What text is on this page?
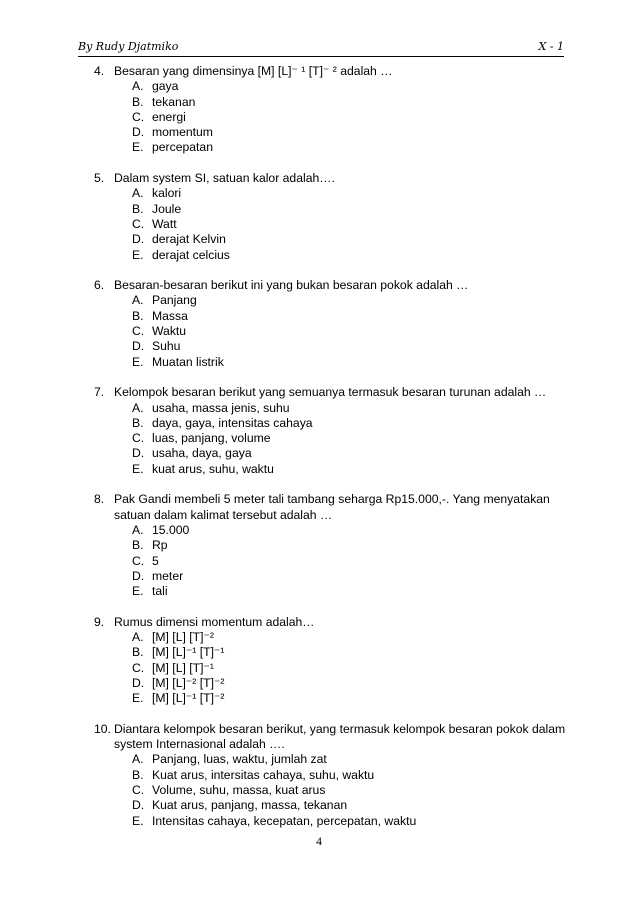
By Rudy Djatmiko	X - 1
4. Besaran yang dimensinya [M] [L]⁻ ¹ [T]⁻ ² adalah …
A. gaya
B. tekanan
C. energi
D. momentum
E. percepatan
5. Dalam system SI, satuan kalor adalah….
A. kalori
B. Joule
C. Watt
D. derajat Kelvin
E. derajat celcius
6. Besaran-besaran berikut ini yang bukan besaran pokok adalah …
A. Panjang
B. Massa
C. Waktu
D. Suhu
E. Muatan listrik
7. Kelompok besaran berikut yang semuanya termasuk besaran turunan adalah …
A. usaha, massa jenis, suhu
B. daya, gaya, intensitas cahaya
C. luas, panjang, volume
D. usaha, daya, gaya
E. kuat arus, suhu, waktu
8. Pak Gandi membeli 5 meter tali tambang seharga Rp15.000,-. Yang menyatakan satuan dalam kalimat tersebut adalah …
A. 15.000
B. Rp
C. 5
D. meter
E. tali
9. Rumus dimensi momentum adalah…
A. [M] [L] [T]⁻²
B. [M] [L]⁻¹ [T]⁻¹
C. [M] [L] [T]⁻¹
D. [M] [L]⁻² [T]⁻²
E. [M] [L]⁻¹ [T]⁻²
10. Diantara kelompok besaran berikut, yang termasuk kelompok besaran pokok dalam system Internasional adalah ….
A. Panjang, luas, waktu, jumlah zat
B. Kuat arus, intersitas cahaya, suhu, waktu
C. Volume, suhu, massa, kuat arus
D. Kuat arus, panjang, massa, tekanan
E. Intensitas cahaya, kecepatan, percepatan, waktu
4
